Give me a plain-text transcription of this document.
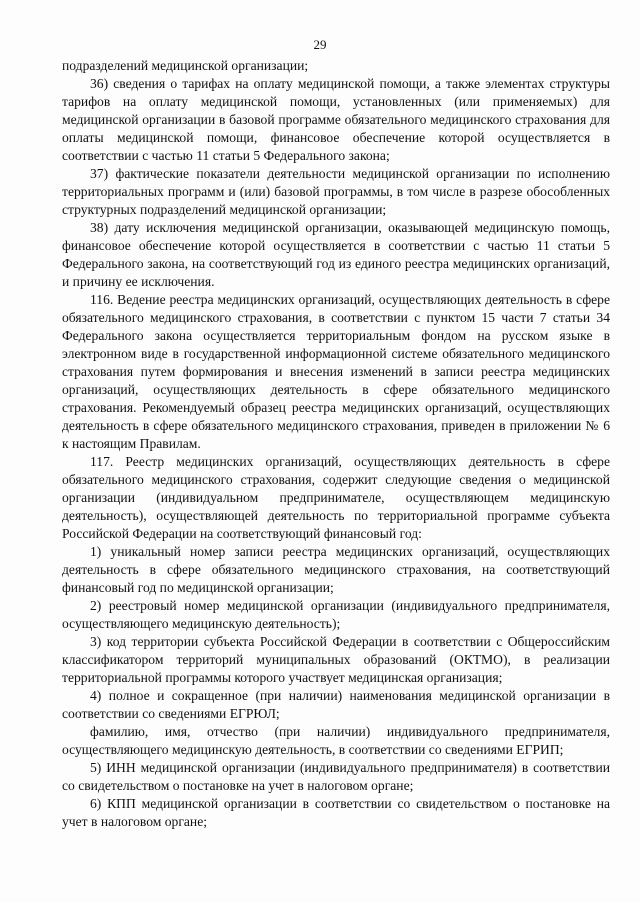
29

подразделений медицинской организации;

36) сведения о тарифах на оплату медицинской помощи, а также элементах структуры тарифов на оплату медицинской помощи, установленных (или применяемых) для медицинской организации в базовой программе обязательного медицинского страхования для оплаты медицинской помощи, финансовое обеспечение которой осуществляется в соответствии с частью 11 статьи 5 Федерального закона;

37) фактические показатели деятельности медицинской организации по исполнению территориальных программ и (или) базовой программы, в том числе в разрезе обособленных структурных подразделений медицинской организации;

38) дату исключения медицинской организации, оказывающей медицинскую помощь, финансовое обеспечение которой осуществляется в соответствии с частью 11 статьи 5 Федерального закона, на соответствующий год из единого реестра медицинских организаций, и причину ее исключения.

116. Ведение реестра медицинских организаций, осуществляющих деятельность в сфере обязательного медицинского страхования, в соответствии с пунктом 15 части 7 статьи 34 Федерального закона осуществляется территориальным фондом на русском языке в электронном виде в государственной информационной системе обязательного медицинского страхования путем формирования и внесения изменений в записи реестра медицинских организаций, осуществляющих деятельность в сфере обязательного медицинского страхования. Рекомендуемый образец реестра медицинских организаций, осуществляющих деятельность в сфере обязательного медицинского страхования, приведен в приложении № 6 к настоящим Правилам.

117. Реестр медицинских организаций, осуществляющих деятельность в сфере обязательного медицинского страхования, содержит следующие сведения о медицинской организации (индивидуальном предпринимателе, осуществляющем медицинскую деятельность), осуществляющей деятельность по территориальной программе субъекта Российской Федерации на соответствующий финансовый год:

1) уникальный номер записи реестра медицинских организаций, осуществляющих деятельность в сфере обязательного медицинского страхования, на соответствующий финансовый год по медицинской организации;

2) реестровый номер медицинской организации (индивидуального предпринимателя, осуществляющего медицинскую деятельность);

3) код территории субъекта Российской Федерации в соответствии с Общероссийским классификатором территорий муниципальных образований (ОКТМО), в реализации территориальной программы которого участвует медицинская организация;

4) полное и сокращенное (при наличии) наименования медицинской организации в соответствии со сведениями ЕГРЮЛ;

фамилию, имя, отчество (при наличии) индивидуального предпринимателя, осуществляющего медицинскую деятельность, в соответствии со сведениями ЕГРИП;

5) ИНН медицинской организации (индивидуального предпринимателя) в соответствии со свидетельством о постановке на учет в налоговом органе;

6) КПП медицинской организации в соответствии со свидетельством о постановке на учет в налоговом органе;
